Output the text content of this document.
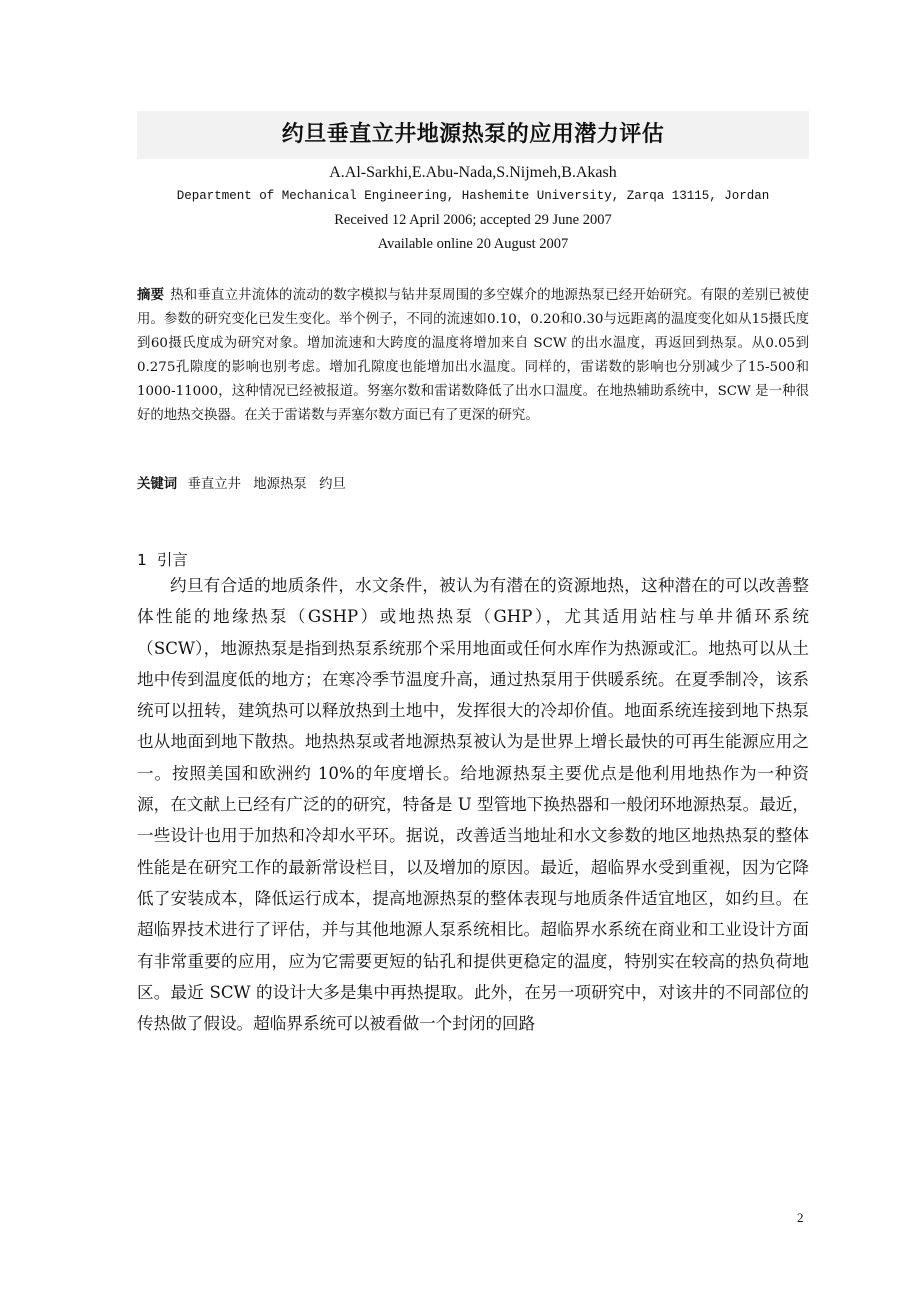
约旦垂直立井地源热泵的应用潜力评估
A.Al-Sarkhi,E.Abu-Nada,S.Nijmeh,B.Akash
Department of Mechanical Engineering, Hashemite University, Zarqa 13115, Jordan
Received 12 April 2006; accepted 29 June 2007
Available online 20 August 2007
摘要 热和垂直立井流体的流动的数字模拟与钻井泵周围的多空媒介的地源热泵已经开始研究。有限的差别已被使用。参数的研究变化已发生变化。举个例子，不同的流速如0.10，0.20和0.30与远距离的温度变化如从15摄氏度到60摄氏度成为研究对象。增加流速和大跨度的温度将增加来自 SCW 的出水温度，再返回到热泵。从0.05到0.275孔隙度的影响也别考虑。增加孔隙度也能增加出水温度。同样的，雷诺数的影响也分别减少了15-500和1000-11000，这种情况已经被报道。努塞尔数和雷诺数降低了出水口温度。在地热辅助系统中，SCW 是一种很好的地热交换器。在关于雷诺数与弄塞尔数方面已有了更深的研究。
关键词 垂直立井 地源热泵 约旦
1 引言

约旦有合适的地质条件，水文条件，被认为有潜在的资源地热，这种潜在的可以改善整体性能的地缘热泵（GSHP）或地热热泵（GHP），尤其适用站柱与单井循环系统（SCW），地源热泵是指到热泵系统那个采用地面或任何水库作为热源或汇。地热可以从土地中传到温度低的地方；在寒冷季节温度升高，通过热泵用于供暖系统。在夏季制冷，该系统可以扭转，建筑热可以释放热到土地中，发挥很大的冷却价值。地面系统连接到地下热泵也从地面到地下散热。地热热泵或者地源热泵被认为是世界上增长最快的可再生能源应用之一。按照美国和欧洲约 10%的年度增长。给地源热泵主要优点是他利用地热作为一种资源，在文献上已经有广泛的的研究，特备是 U 型管地下换热器和一般闭环地源热泵。最近，一些设计也用于加热和冷却水平环。据说，改善适当地址和水文参数的地区地热热泵的整体性能是在研究工作的最新常设栏目，以及增加的原因。最近，超临界水受到重视，因为它降低了安装成本，降低运行成本，提高地源热泵的整体表现与地质条件适宜地区，如约旦。在超临界技术进行了评估，并与其他地源人泵系统相比。超临界水系统在商业和工业设计方面有非常重要的应用，应为它需要更短的钻孔和提供更稳定的温度，特别实在较高的热负荷地区。最近 SCW 的设计大多是集中再热提取。此外，在另一项研究中，对该井的不同部位的传热做了假设。超临界系统可以被看做一个封闭的回路

2
